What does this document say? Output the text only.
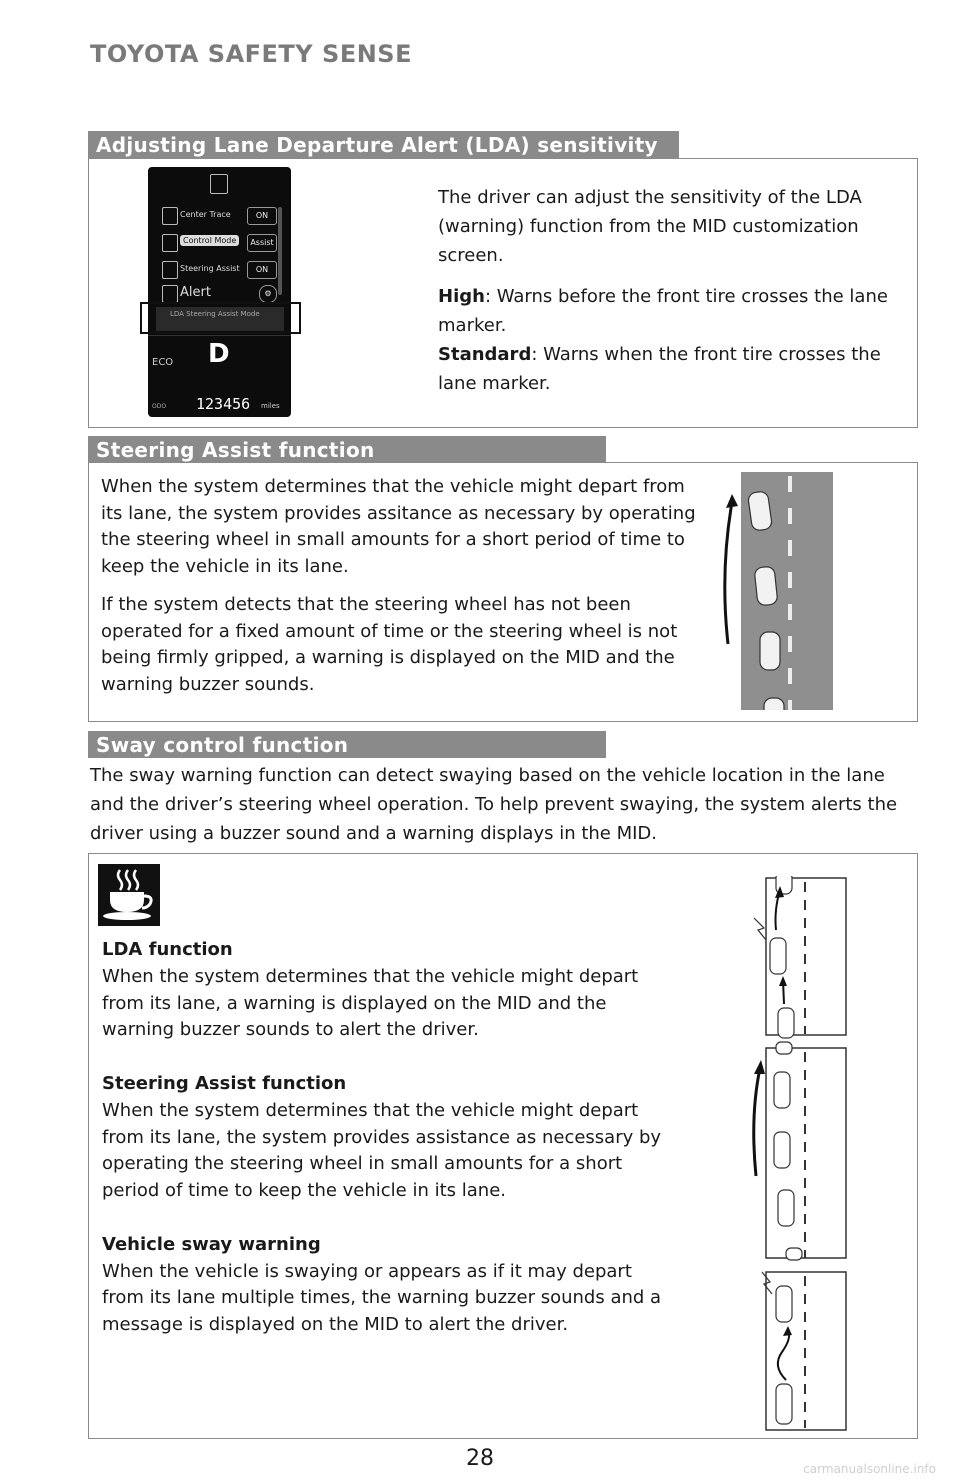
TOYOTA SAFETY SENSE
Adjusting Lane Departure Alert (LDA) sensitivity
Center Trace	ON
Control Mode	Assist
Steering Assist	ON
Alert	⚙
LDA Steering Assist Mode
ECO D
ODO 123456 miles

The driver can adjust the sensitivity of the LDA (warning) function from the MID customization screen.

High: Warns before the front tire crosses the lane marker.

Standard: Warns when the front tire crosses the lane marker.

Steering Assist function

When the system determines that the vehicle might depart from its lane, the system provides assitance as necessary by operating the steering wheel in small amounts for a short period of time to keep the vehicle in its lane.

If the system detects that the steering wheel has not been operated for a fixed amount of time or the steering wheel is not being firmly gripped, a warning is displayed on the MID and the warning buzzer sounds.

Sway control function
The sway warning function can detect swaying based on the vehicle location in the lane and the driver’s steering wheel operation. To help prevent swaying, the system alerts the driver using a buzzer sound and a warning displays in the MID.

LDA function

When the system determines that the vehicle might depart from its lane, a warning is displayed on the MID and the warning buzzer sounds to alert the driver.

Steering Assist function

When the system determines that the vehicle might depart from its lane, the system provides assistance as necessary by operating the steering wheel in small amounts for a short period of time to keep the vehicle in its lane.

Vehicle sway warning

When the vehicle is swaying or appears as if it may depart from its lane multiple times, the warning buzzer sounds and a message is displayed on the MID to alert the driver.

28	carmanualsonline.info
